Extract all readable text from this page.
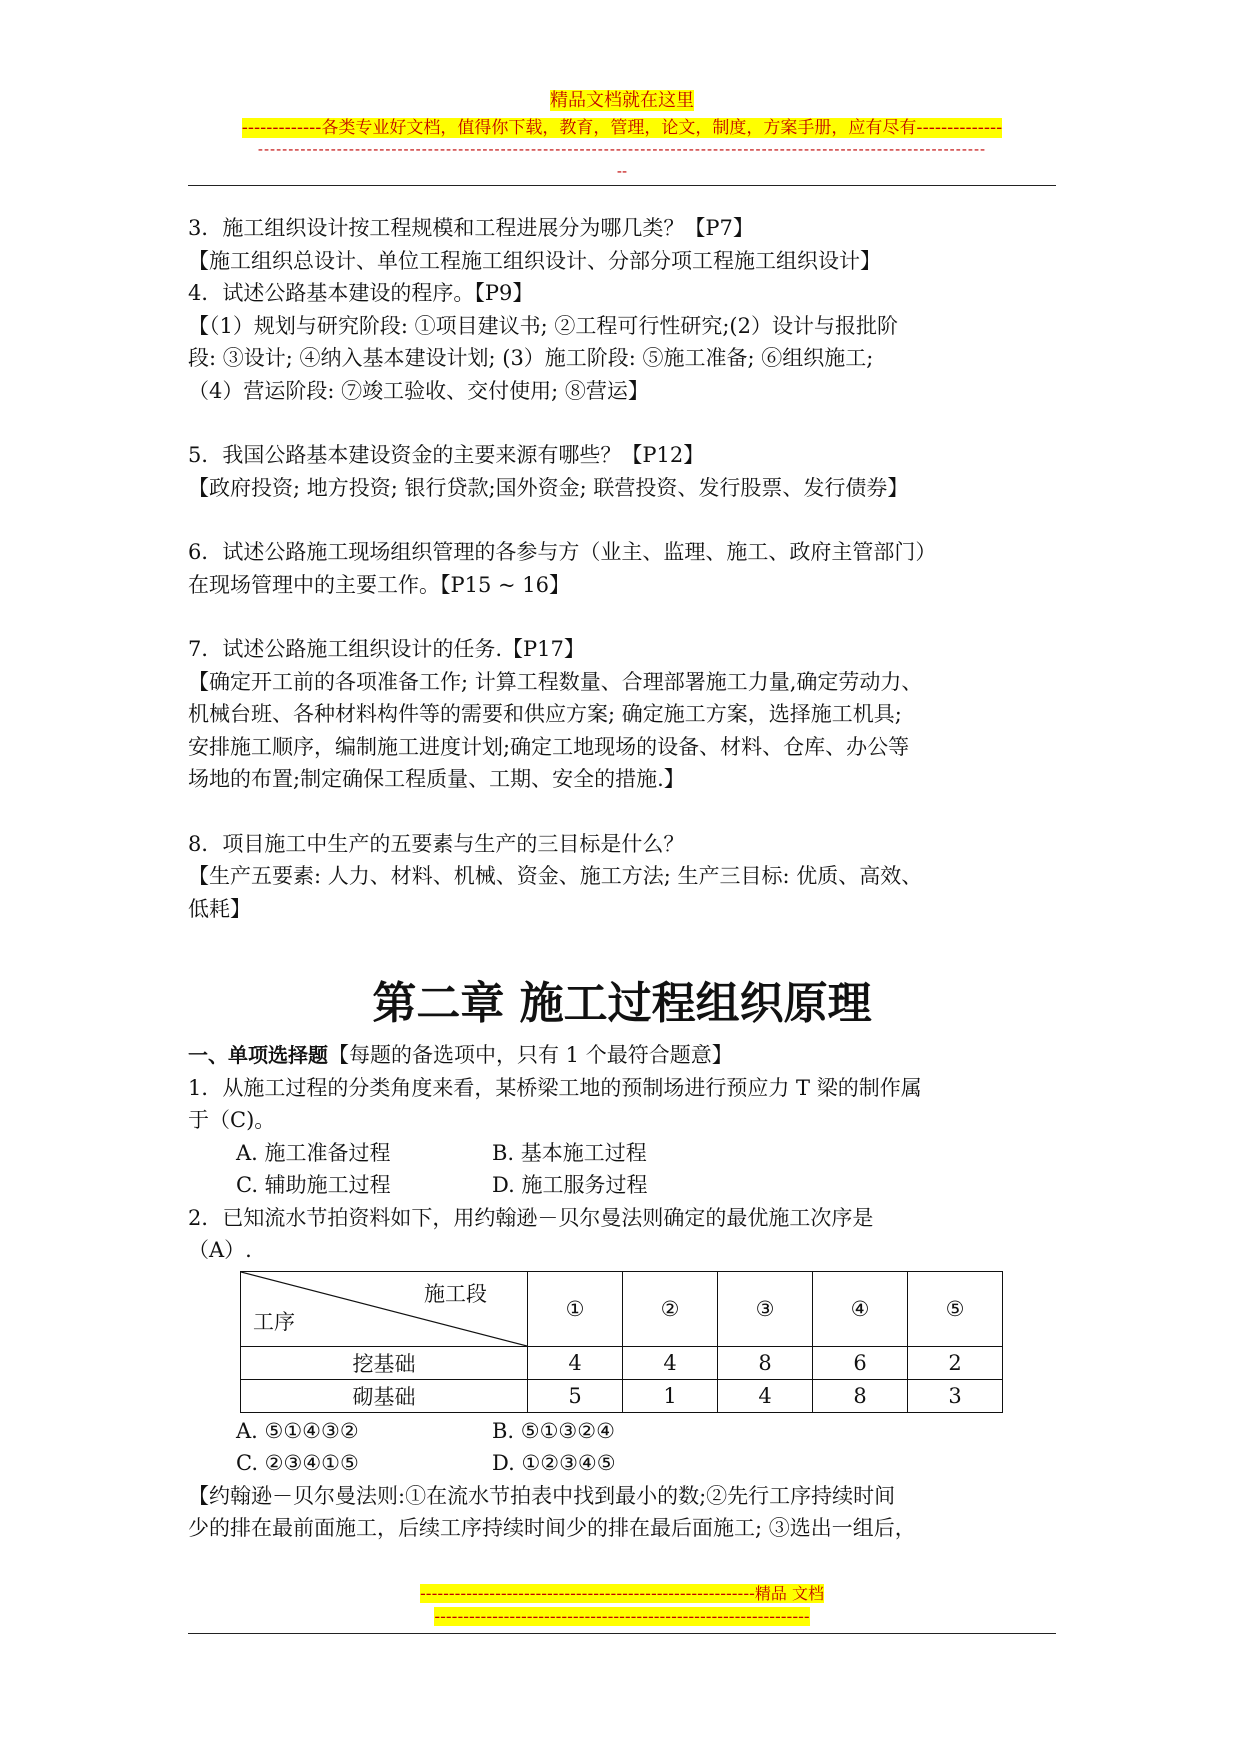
精品文档就在这里
-------------各类专业好文档，值得你下载，教育，管理，论文，制度，方案手册，应有尽有--------------
------------------------------------------------------------------------------------------------------------------------
--

3．施工组织设计按工程规模和工程进展分为哪几类？【P7】

【施工组织总设计、单位工程施工组织设计、分部分项工程施工组织设计】

4．试述公路基本建设的程序。【P9】

【（1）规划与研究阶段: ①项目建议书; ②工程可行性研究;(2）设计与报批阶

段: ③设计; ④纳入基本建设计划; (3）施工阶段: ⑤施工准备; ⑥组织施工;

（4）营运阶段: ⑦竣工验收、交付使用; ⑧营运】

5．我国公路基本建设资金的主要来源有哪些？【P12】

【政府投资; 地方投资; 银行贷款;国外资金; 联营投资、发行股票、发行债券】

6．试述公路施工现场组织管理的各参与方（业主、监理、施工、政府主管部门）

在现场管理中的主要工作。【P15 ~ 16】

7．试述公路施工组织设计的任务.【P17】

【确定开工前的各项准备工作; 计算工程数量、合理部署施工力量,确定劳动力、

机械台班、各种材料构件等的需要和供应方案; 确定施工方案，选择施工机具;

安排施工顺序，编制施工进度计划;确定工地现场的设备、材料、仓库、办公等

场地的布置;制定确保工程质量、工期、安全的措施.】

8．项目施工中生产的五要素与生产的三目标是什么？

【生产五要素: 人力、材料、机械、资金、施工方法; 生产三目标: 优质、高效、

低耗】

第二章 施工过程组织原理

一、单项选择题【每题的备选项中，只有 1 个最符合题意】

1．从施工过程的分类角度来看，某桥梁工地的预制场进行预应力 T 梁的制作属

于（C)。

A. 施工准备过程	B. 基本施工过程

C. 辅助施工过程	D. 施工服务过程

2．已知流水节拍资料如下，用约翰逊－贝尔曼法则确定的最优施工次序是

（A）.

施工段
工序	①	②	③	④	⑤
挖基础	4	4	8	6	2
砌基础	5	1	4	8	3

A. ⑤①④③②	B. ⑤①③②④

C. ②③④①⑤	D. ①②③④⑤

【约翰逊－贝尔曼法则:①在流水节拍表中找到最小的数;②先行工序持续时间

少的排在最前面施工，后续工序持续时间少的排在最后面施工; ③选出一组后，

----------------------------------------------------------精品 文档
-----------------------------------------------------------------
